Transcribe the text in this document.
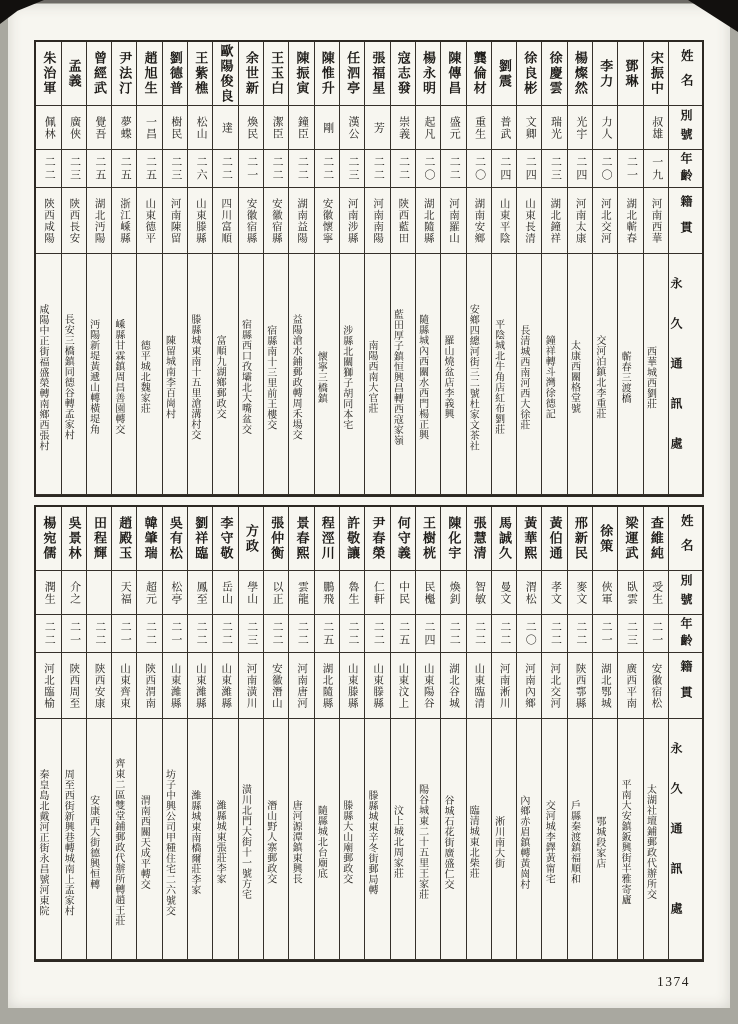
姓名
別號
年齡
籍貫
永久通訊處
宋振中
叔雄
一九
河南西華
西華城西劉莊
鄧琳
二一
湖北蘄春
蘄春三渡橋
李力
力人
二〇
河北交河
交河泊鎮北李重莊
楊燦然
光宇
二四
河南太康
太康西關格堂號
徐慶雲
瑞光
二三
湖北鐘祥
鐘祥轉斗灣徐德記
徐良彬
文卿
二四
山東長清
長清城西南河西大徐莊
劉震
普武
二四
山東平陰
平陰城北牛角店紅布劉莊
龔倫材
重生
二〇
湖南安鄉
安鄉四總河街三二號杜家文茶社
陳傳昌
盛元
二二
河南羅山
羅山燒盆店李義興
楊永明
起凡
二〇
湖北隨縣
隨縣城內西關水西門楊正興
寇志發
崇義
二二
陝西藍田
藍田厚子鎮恒興昌轉西寇家嶺
張福星
芳
二二
河南南陽
南陽西南大官莊
任泗亭
漢公
二三
河南涉縣
涉縣北關獅子胡同本宅
陳惟升
剛
二二
安徽懷寧
懷寧三橋鎮
陳振寅
鐘臣
二二
湖南益陽
益陽滄水鋪郵政轉周禾場交
王玉白
潔臣
二二
安徽宿縣
宿縣南十三里前王樓交
余世新
煥民
二一
安徽宿縣
宿縣西口孜壩北大嘴盆交
歐陽俊良
達
二二
四川富順
富順九湖鄉郵政交
王紫樵
松山
二六
山東滕縣
滕縣城東南十五里滄溝村交
劉德普
樹民
二三
河南陳留
陳留城南李百崗村
趙旭生
一昌
二五
山東德平
德平城北魏家莊
尹法汀
夢蝶
二五
浙江嵊縣
嵊縣甘霖鎮周昌善園轉交
曾經武
覺吾
二五
湖北沔陽
沔陽新堤黃遞山轉橫堤角
孟義
廣俠
二三
陝西長安
長安三橋鎮同德谷轉孟家村
朱治軍
佩林
二二
陝西咸陽
咸陽中正街福盛榮轉南鄉西張村
姓名
別號
年齡
籍貫
永久通訊處
查維純
受生
二一
安徽宿松
太湖社壇鋪郵政代辦所交
梁運武
臥雲
二三
廣西平南
平南大安鎮鈑興街半雅寄廬
徐策
俠軍
二一
湖北鄂城
鄂城段家店
邢新民
麥文
二二
陝西鄠縣
戶縣秦渡鎮福順和
黃伯通
孝文
二二
河北交河
交河城李鐸黃甯宅
黃華熙
渭松
二〇
河南內鄉
內鄉赤眉鎮轉黃崗村
馬誠久
曼文
二二
河南淅川
淅川南大街
張慧清
智敏
二二
山東臨清
臨清城東北柴莊
陳化宇
煥釗
二二
湖北谷城
谷城石花街廣盛仁交
王樹桄
民櫆
二四
山東陽谷
陽谷城東二十五里王家莊
何守義
中民
二五
山東汶上
汶上城北周家莊
尹春榮
仁軒
二二
山東滕縣
滕縣城東辛冬街郵局轉
許敬讓
魯生
二二
山東滕縣
滕縣大山廟郵政交
程涇川
鵬飛
二五
湖北隨縣
隨縣城北台廟底
景春熙
雲龍
二二
河南唐河
唐河源潭鎮東興長
張仲衡
以正
二二
安徽潛山
潛山野人寨郵政交
方政
學山
二三
河南潢川
潢川北門大街十一號方宅
李守敬
岳山
二二
山東濰縣
濰縣城東張莊李家
劉祥臨
鳳至
二二
山東濰縣
濰縣城東南橋爾莊李家
吳有松
松亭
二一
山東濰縣
坊子中興公司甲種住宅二六號交
韓肇瑞
超元
二二
陝西渭南
渭南西關天成平轉交
趙殿玉
天福
二一
山東齊東
齊東二區雙堂鋪郵政代辦所轉趙王莊
田程輝
二二
陝西安康
安康西大街德興恒轉
吳景林
介之
二一
陝西周至
周至西街新興巷轉城南上孟家村
楊宛儒
潤生
二二
河北臨榆
秦皇島北戴河正街永昌號河東院
1374
